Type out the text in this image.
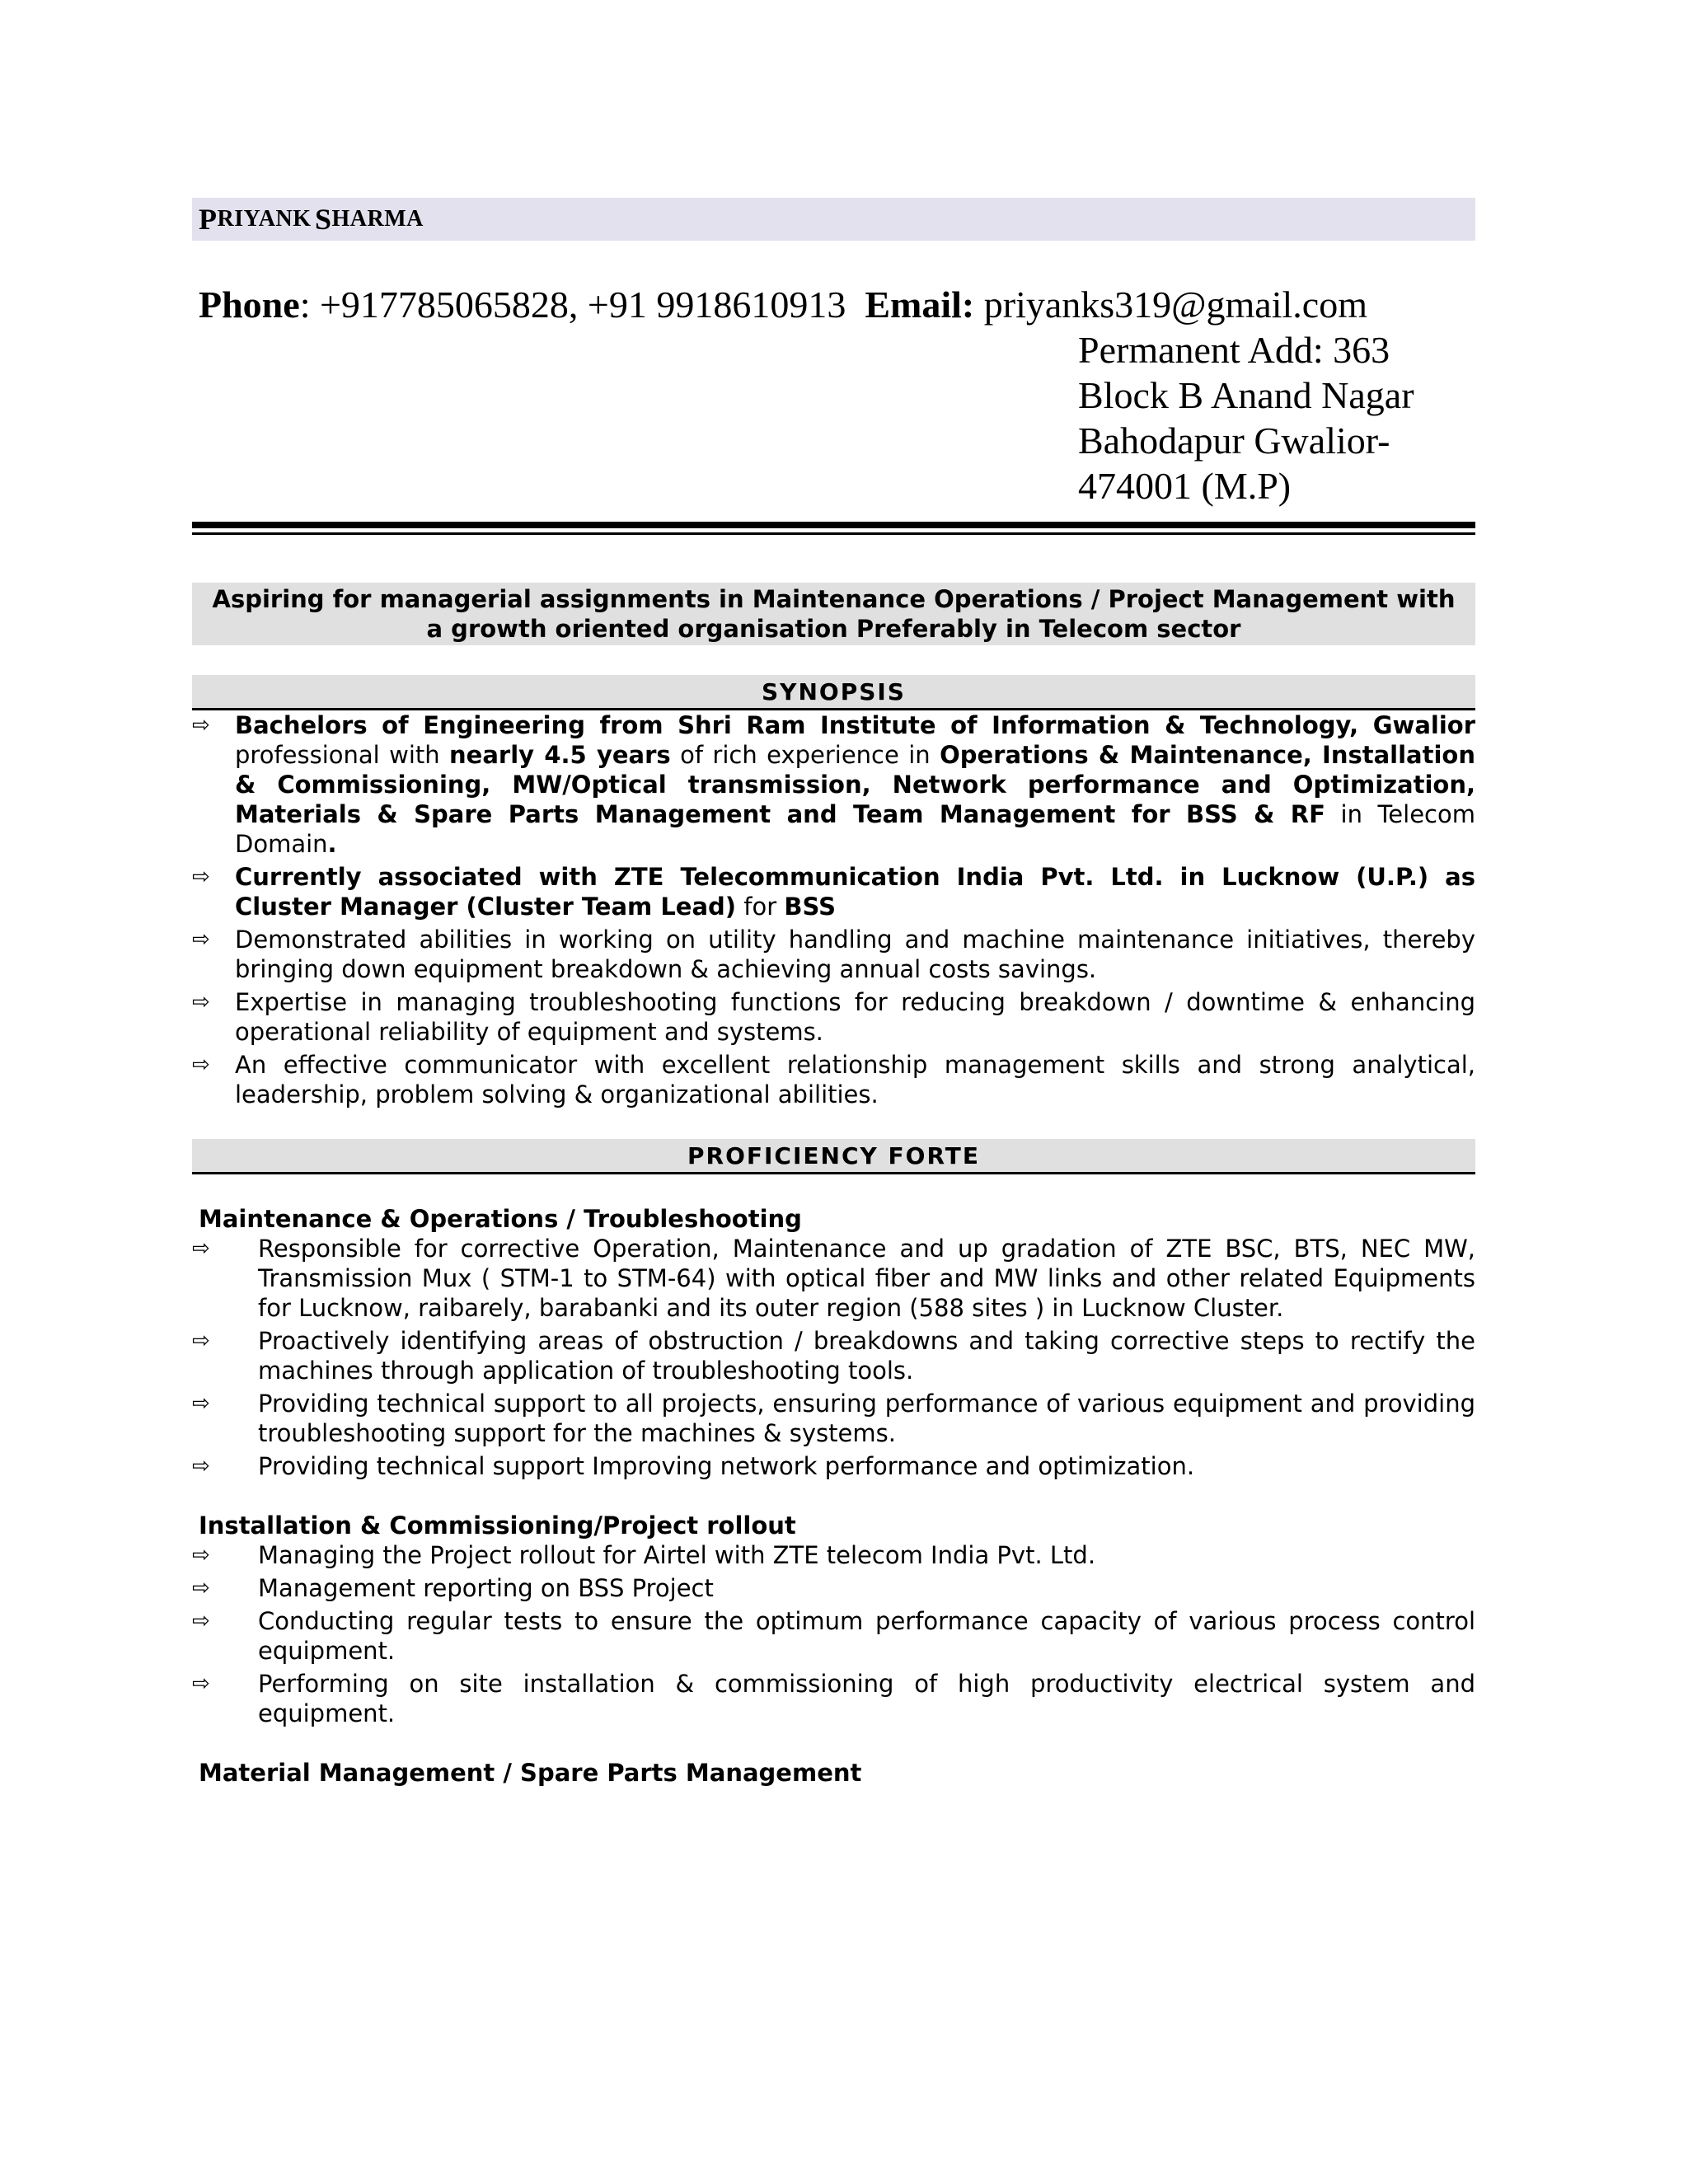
P RIYANK
S HARMA
Phone: +917785065828, +91 9918610913 Email: priyanks319@gmail.com
Permanent Add: 363 Block B Anand Nagar Bahodapur Gwalior- 474001 (M.P)
Aspiring for managerial assignments in Maintenance Operations / Project Management with a growth oriented organisation Preferably in Telecom sector
SYNOPSIS
⇨ Bachelors of Engineering from Shri Ram Institute of Information & Technology, Gwalior professional with nearly 4.5 years of rich experience in Operations & Maintenance, Installation & Commissioning, MW/Optical transmission, Network performance and Optimization, Materials & Spare Parts Management and Team Management for BSS & RF in Telecom Domain.
⇨ Currently associated with ZTE Telecommunication India Pvt. Ltd. in Lucknow (U.P.) as Cluster Manager (Cluster Team Lead) for BSS
⇨ Demonstrated abilities in working on utility handling and machine maintenance initiatives, thereby bringing down equipment breakdown & achieving annual costs savings.
⇨ Expertise in managing troubleshooting functions for reducing breakdown / downtime & enhancing operational reliability of equipment and systems.
⇨ An effective communicator with excellent relationship management skills and strong analytical, leadership, problem solving & organizational abilities.
PROFICIENCY FORTE
Maintenance & Operations / Troubleshooting
⇨ Responsible for corrective Operation, Maintenance and up gradation of ZTE BSC, BTS, NEC MW, Transmission Mux ( STM-1 to STM-64) with optical fiber and MW links and other related Equipments for Lucknow, raibarely, barabanki and its outer region (588 sites ) in Lucknow Cluster.
⇨ Proactively identifying areas of obstruction / breakdowns and taking corrective steps to rectify the machines through application of troubleshooting tools.
⇨ Providing technical support to all projects, ensuring performance of various equipment and providing troubleshooting support for the machines & systems.
⇨ Providing technical support Improving network performance and optimization.
Installation & Commissioning/Project rollout
⇨ Managing the Project rollout for Airtel with ZTE telecom India Pvt. Ltd.
⇨ Management reporting on BSS Project
⇨ Conducting regular tests to ensure the optimum performance capacity of various process control equipment.
⇨ Performing on site installation & commissioning of high productivity electrical system and equipment.
Material Management / Spare Parts Management
